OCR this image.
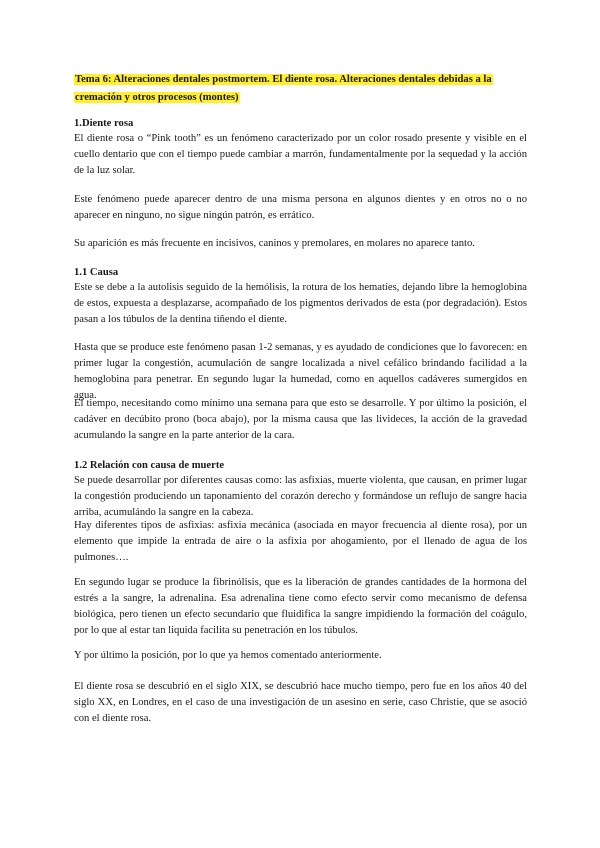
Tema 6: Alteraciones dentales postmortem. El diente rosa. Alteraciones dentales debidas a la cremación y otros procesos (montes)
1.Diente rosa

El diente rosa o “Pink tooth” es un fenómeno caracterizado por un color rosado presente y visible en el cuello dentario que con el tiempo puede cambiar a marrón, fundamentalmente por la sequedad y la acción de la luz solar.

Este fenómeno puede aparecer dentro de una misma persona en algunos dientes y en otros no o no aparecer en ninguno, no sigue ningún patrón, es errático.

Su aparición es más frecuente en incisivos, caninos y premolares, en molares no aparece tanto.

1.1 Causa

Este se debe a la autolisis seguido de la hemólisis, la rotura de los hematíes, dejando libre la hemoglobina de estos, expuesta a desplazarse, acompañado de los pigmentos derivados de esta (por degradación). Estos pasan a los túbulos de la dentina tiñendo el diente.

Hasta que se produce este fenómeno pasan 1-2 semanas, y es ayudado de condiciones que lo favorecen: en primer lugar la congestión, acumulación de sangre localizada a nivel cefálico brindando facilidad a la hemoglobina para penetrar. En segundo lugar la humedad, como en aquellos cadáveres sumergidos en agua.

El tiempo, necesitando como mínimo una semana para que esto se desarrolle. Y por último la posición, el cadáver en decúbito prono (boca abajo), por la misma causa que las livideces, la acción de la gravedad acumulando la sangre en la parte anterior de la cara.

1.2 Relación con causa de muerte

Se puede desarrollar por diferentes causas como: las asfixias, muerte violenta, que causan, en primer lugar la congestión produciendo un taponamiento del corazón derecho y formándose un reflujo de sangre hacia arriba, acumulándo la sangre en la cabeza.

Hay diferentes tipos de asfixias: asfixia mecánica (asociada en mayor frecuencia al diente rosa), por un elemento que impide la entrada de aire o la asfixia por ahogamiento, por el llenado de agua de los pulmones….

En segundo lugar se produce la fibrinólisis, que es la liberación de grandes cantidades de la hormona del estrés a la sangre, la adrenalina. Esa adrenalina tiene como efecto servir como mecanismo de defensa biológica, pero tienen un efecto secundario que fluidifica la sangre impidiendo la formación del coágulo, por lo que al estar tan liquida facilita su penetración en los túbulos.

Y por último la posición, por lo que ya hemos comentado anteriormente.

El diente rosa se descubrió en el siglo XIX, se descubrió hace mucho tiempo, pero fue en los años 40 del siglo XX, en Londres, en el caso de una investigación de un asesino en serie, caso Christie, que se asoció con el diente rosa.
